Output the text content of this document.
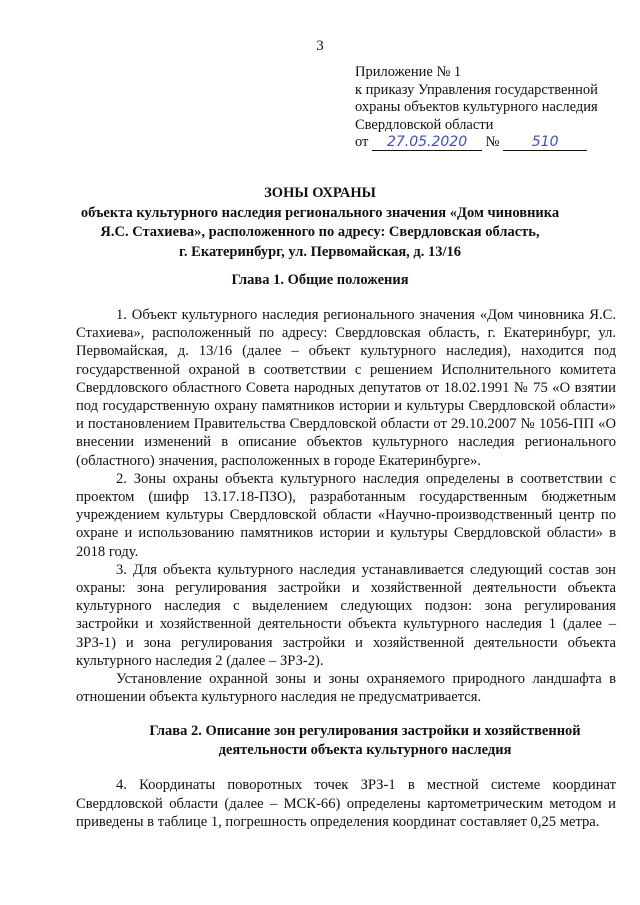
3
Приложение № 1
к приказу Управления государственной
охраны объектов культурного наследия
Свердловской области
от 27.05.2020 № 510
ЗОНЫ ОХРАНЫ
объекта культурного наследия регионального значения «Дом чиновника
Я.С. Стахиева», расположенного по адресу: Свердловская область,
г. Екатеринбург, ул. Первомайская, д. 13/16
Глава 1. Общие положения

1. Объект культурного наследия регионального значения «Дом чиновника Я.С. Стахиева», расположенный по адресу: Свердловская область, г. Екатеринбург, ул. Первомайская, д. 13/16 (далее – объект культурного наследия), находится под государственной охраной в соответствии с решением Исполнительного комитета Свердловского областного Совета народных депутатов от 18.02.1991 № 75 «О взятии под государственную охрану памятников истории и культуры Свердловской области» и постановлением Правительства Свердловской области от 29.10.2007 № 1056-ПП «О внесении изменений в описание объектов культурного наследия регионального (областного) значения, расположенных в городе Екатеринбурге».

2. Зоны охраны объекта культурного наследия определены в соответствии с проектом (шифр 13.17.18-ПЗО), разработанным государственным бюджетным учреждением культуры Свердловской области «Научно-производственный центр по охране и использованию памятников истории и культуры Свердловской области» в 2018 году.

3. Для объекта культурного наследия устанавливается следующий состав зон охраны: зона регулирования застройки и хозяйственной деятельности объекта культурного наследия с выделением следующих подзон: зона регулирования застройки и хозяйственной деятельности объекта культурного наследия 1 (далее – ЗРЗ-1) и зона регулирования застройки и хозяйственной деятельности объекта культурного наследия 2 (далее – ЗРЗ-2).

Установление охранной зоны и зоны охраняемого природного ландшафта в отношении объекта культурного наследия не предусматривается.

Глава 2. Описание зон регулирования застройки и хозяйственной
деятельности объекта культурного наследия

4. Координаты поворотных точек ЗРЗ-1 в местной системе координат Свердловской области (далее – МСК-66) определены картометрическим методом и приведены в таблице 1, погрешность определения координат составляет 0,25 метра.
